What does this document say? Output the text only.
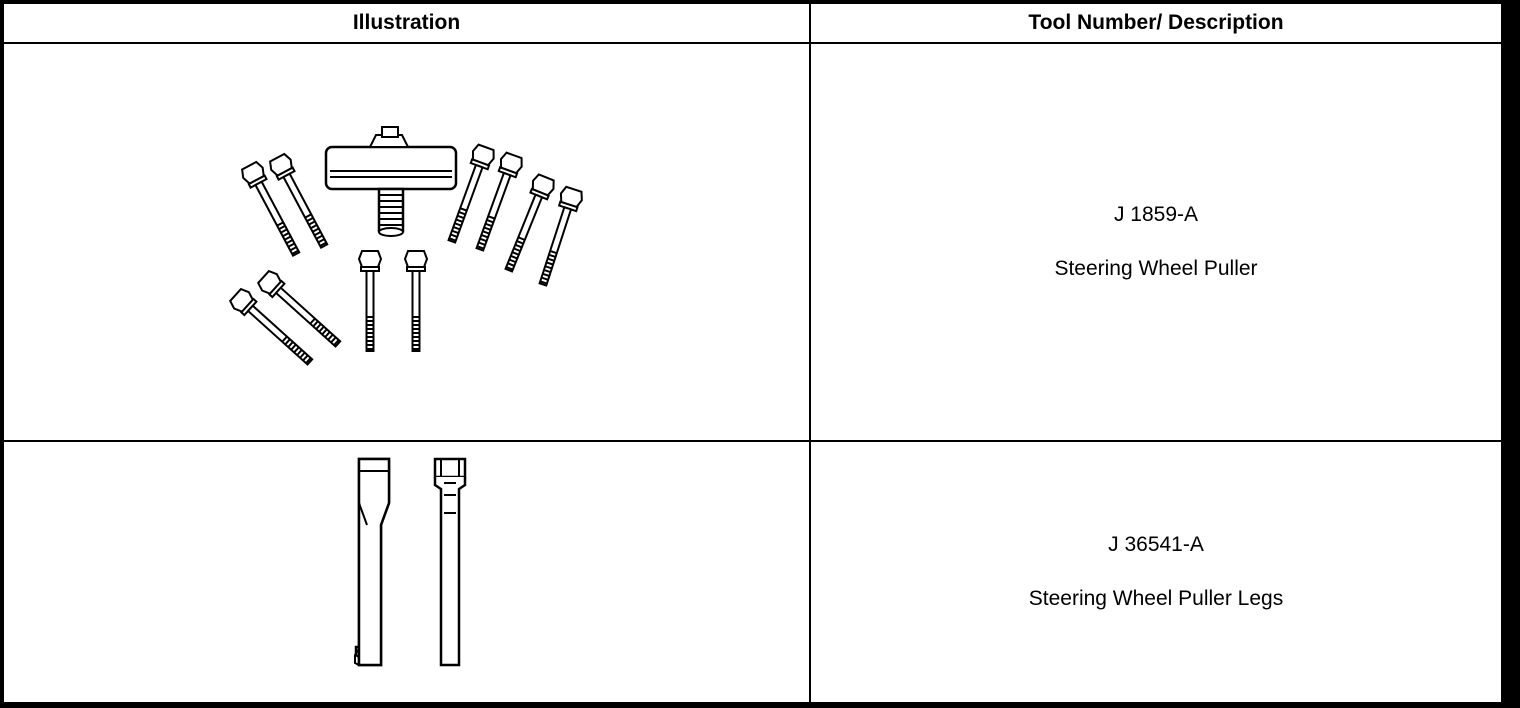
Illustration	Tool Number/ Description

J 1859-A
Steering Wheel Puller

J 36541-A
Steering Wheel Puller Legs
